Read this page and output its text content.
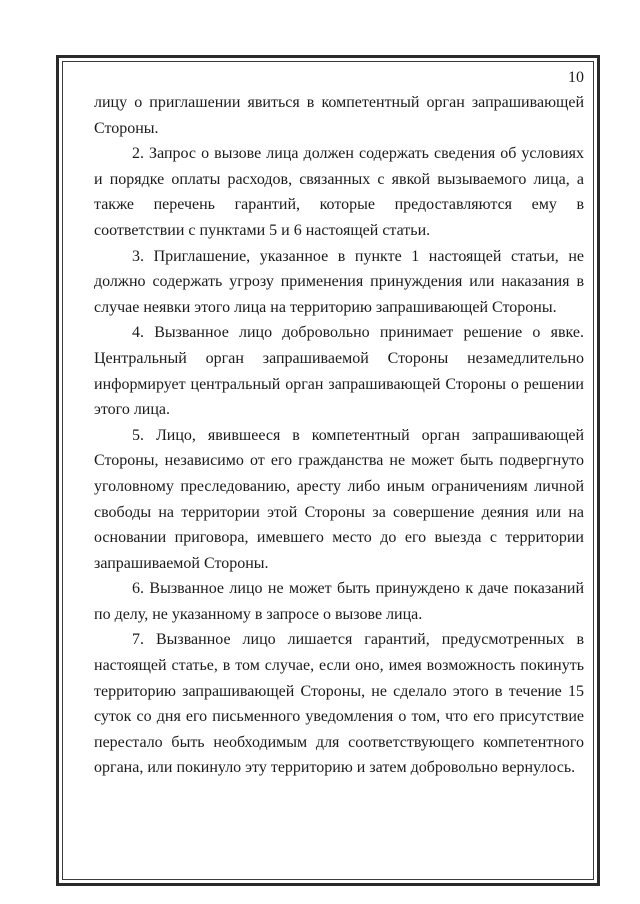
10

лицу о приглашении явиться в компетентный орган запрашивающей Стороны.

2. Запрос о вызове лица должен содержать сведения об условиях и порядке оплаты расходов, связанных с явкой вызываемого лица, а также перечень гарантий, которые предоставляются ему в соответствии с пунктами 5 и 6 настоящей статьи.

3. Приглашение, указанное в пункте 1 настоящей статьи, не должно содержать угрозу применения принуждения или наказания в случае неявки этого лица на территорию запрашивающей Стороны.

4. Вызванное лицо добровольно принимает решение о явке. Центральный орган запрашиваемой Стороны незамедлительно информирует центральный орган запрашивающей Стороны о решении этого лица.

5. Лицо, явившееся в компетентный орган запрашивающей Стороны, независимо от его гражданства не может быть подвергнуто уголовному преследованию, аресту либо иным ограничениям личной свободы на территории этой Стороны за совершение деяния или на основании приговора, имевшего место до его выезда с территории запрашиваемой Стороны.

6. Вызванное лицо не может быть принуждено к даче показаний по делу, не указанному в запросе о вызове лица.

7. Вызванное лицо лишается гарантий, предусмотренных в настоящей статье, в том случае, если оно, имея возможность покинуть территорию запрашивающей Стороны, не сделало этого в течение 15 суток со дня его письменного уведомления о том, что его присутствие перестало быть необходимым для соответствующего компетентного органа, или покинуло эту территорию и затем добровольно вернулось.
